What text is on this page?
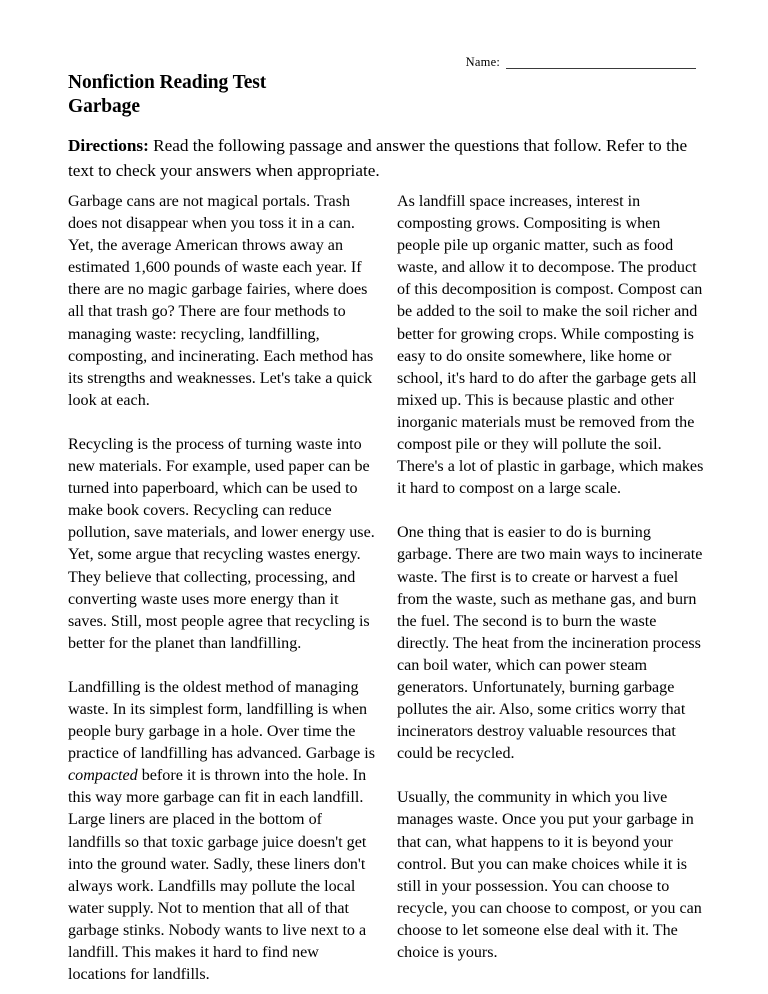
Name:
Nonfiction Reading Test
Garbage
Directions: Read the following passage and answer the questions that follow. Refer to the text to check your answers when appropriate.

Garbage cans are not magical portals. Trash does not disappear when you toss it in a can. Yet, the average American throws away an estimated 1,600 pounds of waste each year. If there are no magic garbage fairies, where does all that trash go? There are four methods to managing waste: recycling, landfilling, composting, and incinerating. Each method has its strengths and weaknesses. Let's take a quick look at each.

Recycling is the process of turning waste into new materials. For example, used paper can be turned into paperboard, which can be used to make book covers. Recycling can reduce pollution, save materials, and lower energy use. Yet, some argue that recycling wastes energy. They believe that collecting, processing, and converting waste uses more energy than it saves. Still, most people agree that recycling is better for the planet than landfilling.

Landfilling is the oldest method of managing waste. In its simplest form, landfilling is when people bury garbage in a hole. Over time the practice of landfilling has advanced. Garbage is compacted before it is thrown into the hole. In this way more garbage can fit in each landfill. Large liners are placed in the bottom of landfills so that toxic garbage juice doesn't get into the ground water. Sadly, these liners don't always work. Landfills may pollute the local water supply. Not to mention that all of that garbage stinks. Nobody wants to live next to a landfill. This makes it hard to find new locations for landfills.

As landfill space increases, interest in composting grows. Compositing is when people pile up organic matter, such as food waste, and allow it to decompose. The product of this decomposition is compost. Compost can be added to the soil to make the soil richer and better for growing crops. While composting is easy to do onsite somewhere, like home or school, it's hard to do after the garbage gets all mixed up. This is because plastic and other inorganic materials must be removed from the compost pile or they will pollute the soil. There's a lot of plastic in garbage, which makes it hard to compost on a large scale.

One thing that is easier to do is burning garbage. There are two main ways to incinerate waste. The first is to create or harvest a fuel from the waste, such as methane gas, and burn the fuel. The second is to burn the waste directly. The heat from the incineration process can boil water, which can power steam generators. Unfortunately, burning garbage pollutes the air. Also, some critics worry that incinerators destroy valuable resources that could be recycled.

Usually, the community in which you live manages waste. Once you put your garbage in that can, what happens to it is beyond your control. But you can make choices while it is still in your possession. You can choose to recycle, you can choose to compost, or you can choose to let someone else deal with it. The choice is yours.
